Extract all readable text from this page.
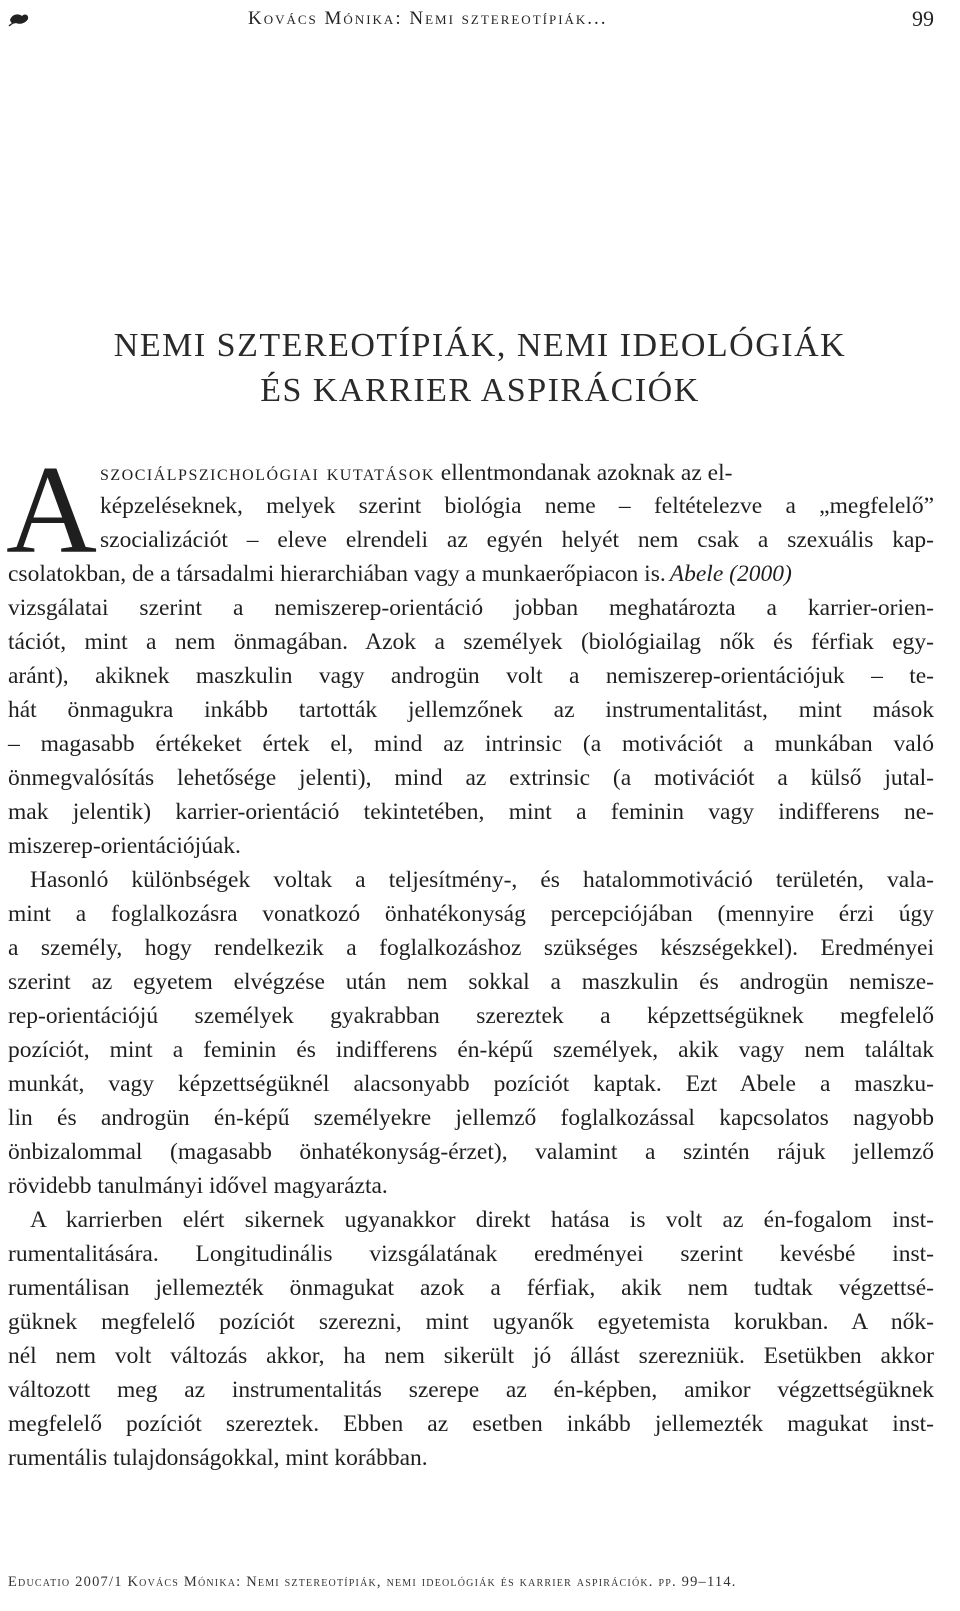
Kovács Mónika: Nemi sztereotípiák...	99
NEMI SZTEREOTÍPIÁK, NEMI IDEOLÓGIÁK
ÉS KARRIER ASPIRÁCIÓK
A szociálpszichológiai kutatások ellentmondanak azoknak az el-
képzeléseknek, melyek szerint biológia neme – feltételezve a „megfelelő”
szocializációt – eleve elrendeli az egyén helyét nem csak a szexuális kap-
csolatokban, de a társadalmi hierarchiában vagy a munkaerőpiacon is. Abele (2000)
vizsgálatai szerint a nemiszerep-orientáció jobban meghatározta a karrier-orien-
tációt, mint a nem önmagában. Azok a személyek (biológiailag nők és férfiak egy-
aránt), akiknek maszkulin vagy androgün volt a nemiszerep-orientációjuk – te-
hát önmagukra inkább tartották jellemzőnek az instrumentalitást, mint mások
– magasabb értékeket értek el, mind az intrinsic (a motivációt a munkában való
önmegvalósítás lehetősége jelenti), mind az extrinsic (a motivációt a külső jutal-
mak jelentik) karrier-orientáció tekintetében, mint a feminin vagy indifferens ne-
miszerep-orientációjúak.
Hasonló különbségek voltak a teljesítmény-, és hatalommotiváció területén, vala-
mint a foglalkozásra vonatkozó önhatékonyság percepciójában (mennyire érzi úgy
a személy, hogy rendelkezik a foglalkozáshoz szükséges készségekkel). Eredményei
szerint az egyetem elvégzése után nem sokkal a maszkulin és androgün nemisze-
rep-orientációjú személyek gyakrabban szereztek a képzettségüknek megfelelő
pozíciót, mint a feminin és indifferens én-képű személyek, akik vagy nem találtak
munkát, vagy képzettségüknél alacsonyabb pozíciót kaptak. Ezt Abele a maszku-
lin és androgün én-képű személyekre jellemző foglalkozással kapcsolatos nagyobb
önbizalommal (magasabb önhatékonyság-érzet), valamint a szintén rájuk jellemző
rövidebb tanulmányi idővel magyarázta.
A karrierben elért sikernek ugyanakkor direkt hatása is volt az én-fogalom inst-
rumentalitására. Longitudinális vizsgálatának eredményei szerint kevésbé inst-
rumentálisan jellemezték önmagukat azok a férfiak, akik nem tudtak végzettsé-
güknek megfelelő pozíciót szerezni, mint ugyanők egyetemista korukban. A nők-
nél nem volt változás akkor, ha nem sikerült jó állást szerezniük. Esetükben akkor
változott meg az instrumentalitás szerepe az én-képben, amikor végzettségüknek
megfelelő pozíciót szereztek. Ebben az esetben inkább jellemezték magukat inst-
rumentális tulajdonságokkal, mint korábban.
Educatio 2007/1 Kovács Mónika: Nemi sztereotípiák, nemi ideológiák és karrier aspirációk. pp. 99–114.
